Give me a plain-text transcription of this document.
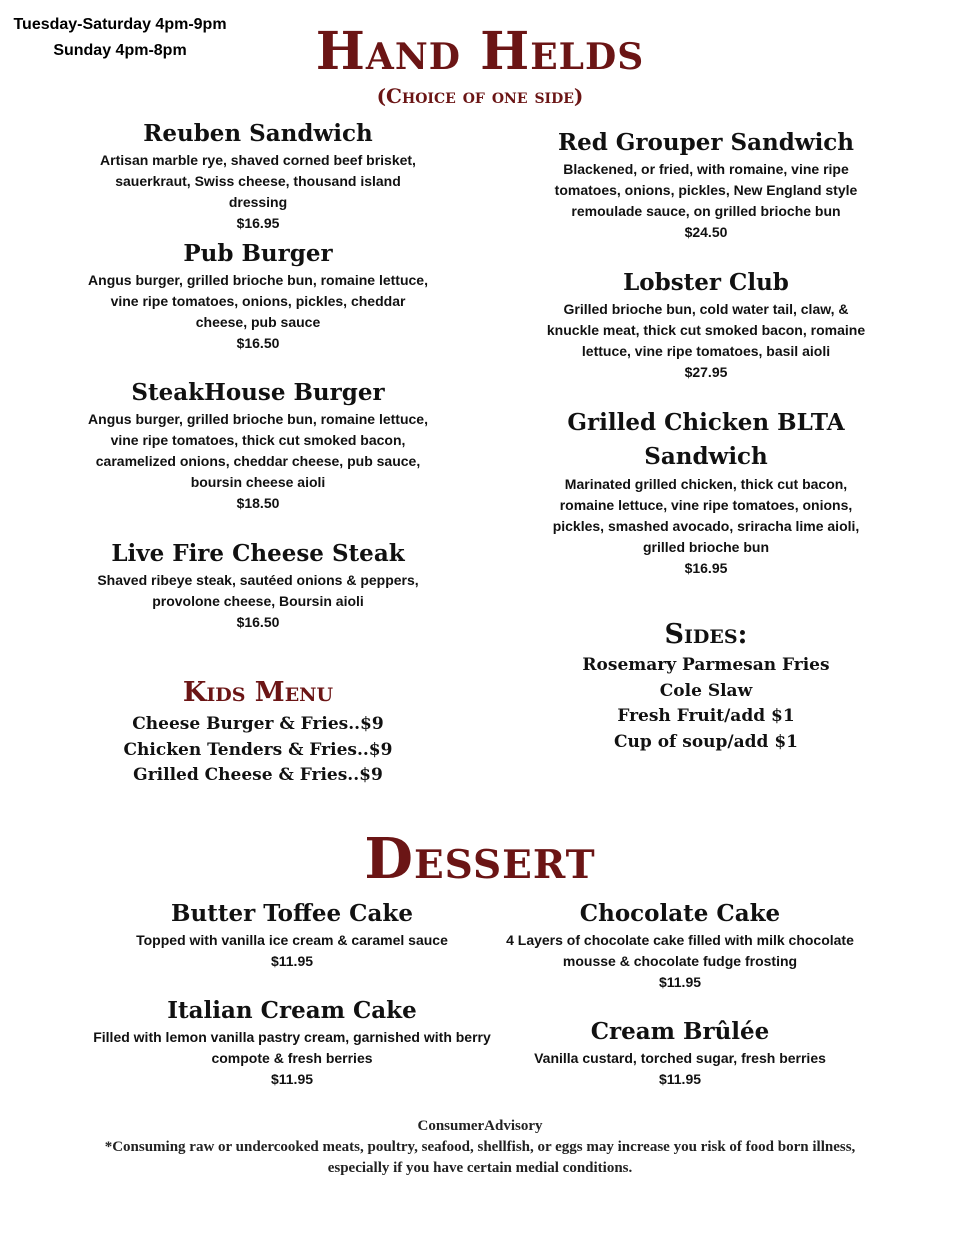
Tuesday-Saturday 4pm-9pm
Sunday 4pm-8pm	Hand Helds
(Choice of one side)
Reuben Sandwich
Artisan marble rye, shaved corned beef brisket, sauerkraut, Swiss cheese, thousand island dressing
$16.95
Pub Burger
Angus burger, grilled brioche bun, romaine lettuce, vine ripe tomatoes, onions, pickles, cheddar cheese, pub sauce
$16.50
SteakHouse Burger
Angus burger, grilled brioche bun, romaine lettuce, vine ripe tomatoes, thick cut smoked bacon, caramelized onions, cheddar cheese, pub sauce, boursin cheese aioli
$18.50
Live Fire Cheese Steak
Shaved ribeye steak, sautéed onions & peppers, provolone cheese, Boursin aioli
$16.50
Red Grouper Sandwich
Blackened, or fried, with romaine, vine ripe tomatoes, onions, pickles, New England style remoulade sauce, on grilled brioche bun
$24.50
Lobster Club
Grilled brioche bun, cold water tail, claw, & knuckle meat, thick cut smoked bacon, romaine lettuce, vine ripe tomatoes, basil aioli
$27.95
Grilled Chicken BLTA Sandwich
Marinated grilled chicken, thick cut bacon, romaine lettuce, vine ripe tomatoes, onions, pickles, smashed avocado, sriracha lime aioli, grilled brioche bun
$16.95
Kids Menu
Cheese Burger & Fries..$9
Chicken Tenders & Fries..$9
Grilled Cheese & Fries..$9
Sides:
Rosemary Parmesan Fries
Cole Slaw
Fresh Fruit/add $1
Cup of soup/add $1
Dessert
Butter Toffee Cake
Topped with vanilla ice cream & caramel sauce
$11.95
Italian Cream Cake
Filled with lemon vanilla pastry cream, garnished with berry compote & fresh berries
$11.95
Chocolate Cake
4 Layers of chocolate cake filled with milk chocolate mousse & chocolate fudge frosting
$11.95
Cream Brûlée
Vanilla custard, torched sugar, fresh berries
$11.95
ConsumerAdvisory
*Consuming raw or undercooked meats, poultry, seafood, shellfish, or eggs may increase you risk of food born illness, especially if you have certain medial conditions.
